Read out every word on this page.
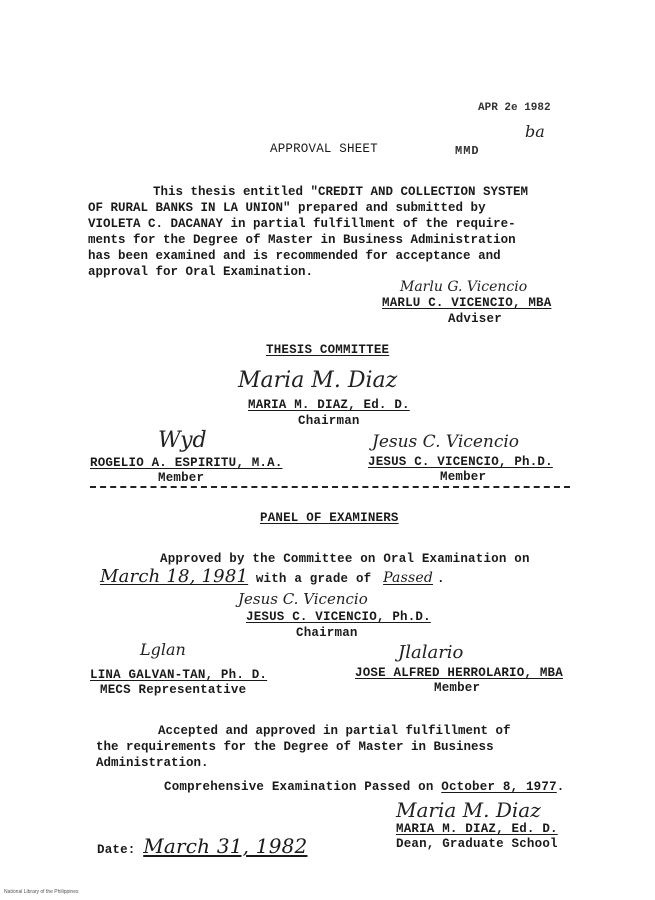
APR 2e 1982
ba
MMD
APPROVAL SHEET
This thesis entitled "CREDIT AND COLLECTION SYSTEM
OF RURAL BANKS IN LA UNION" prepared and submitted by
VIOLETA C. DACANAY in partial fulfillment of the require-
ments for the Degree of Master in Business Administration
has been examined and is recommended for acceptance and
approval for Oral Examination.
Marlu G. Vicencio
MARLU C. VICENCIO, MBA
Adviser
THESIS COMMITTEE
Maria M. Diaz
MARIA M. DIAZ, Ed. D.
Chairman
Wyd
ROGELIO A. ESPIRITU, M.A.
Member
Jesus C. Vicencio
JESUS C. VICENCIO, Ph.D.
Member
PANEL OF EXAMINERS
Approved by the Committee on Oral Examination on
March 18, 1981 with a grade of Passed .
Jesus C. Vicencio
JESUS C. VICENCIO, Ph.D.
Chairman
Lglan
LINA GALVAN-TAN, Ph. D.
MECS Representative
Jlalario
JOSE ALFRED HERROLARIO, MBA
Member
Accepted and approved in partial fulfillment of
the requirements for the Degree of Master in Business
Administration.
Comprehensive Examination Passed on October 8, 1977.
Maria M. Diaz
MARIA M. DIAZ, Ed. D.
Dean, Graduate School
Date: March 31, 1982
National Library of the Philippines
